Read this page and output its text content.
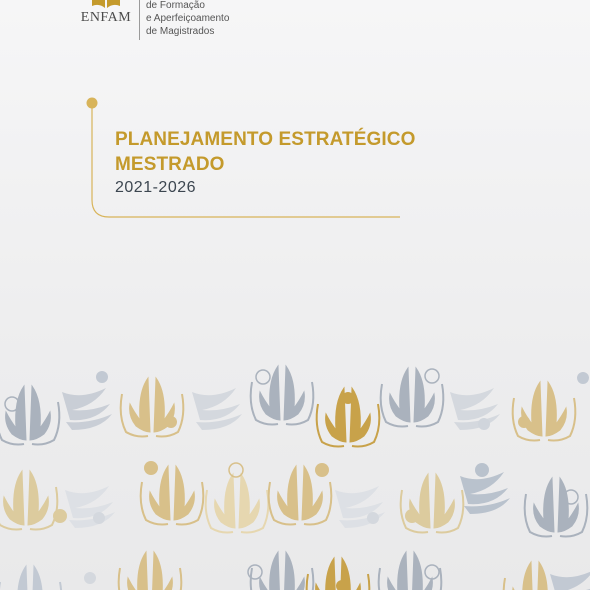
ENFAM
de Formação
e Aperfeiçoamento
de Magistrados
PLANEJAMENTO ESTRATÉGICO
MESTRADO
2021-2026
